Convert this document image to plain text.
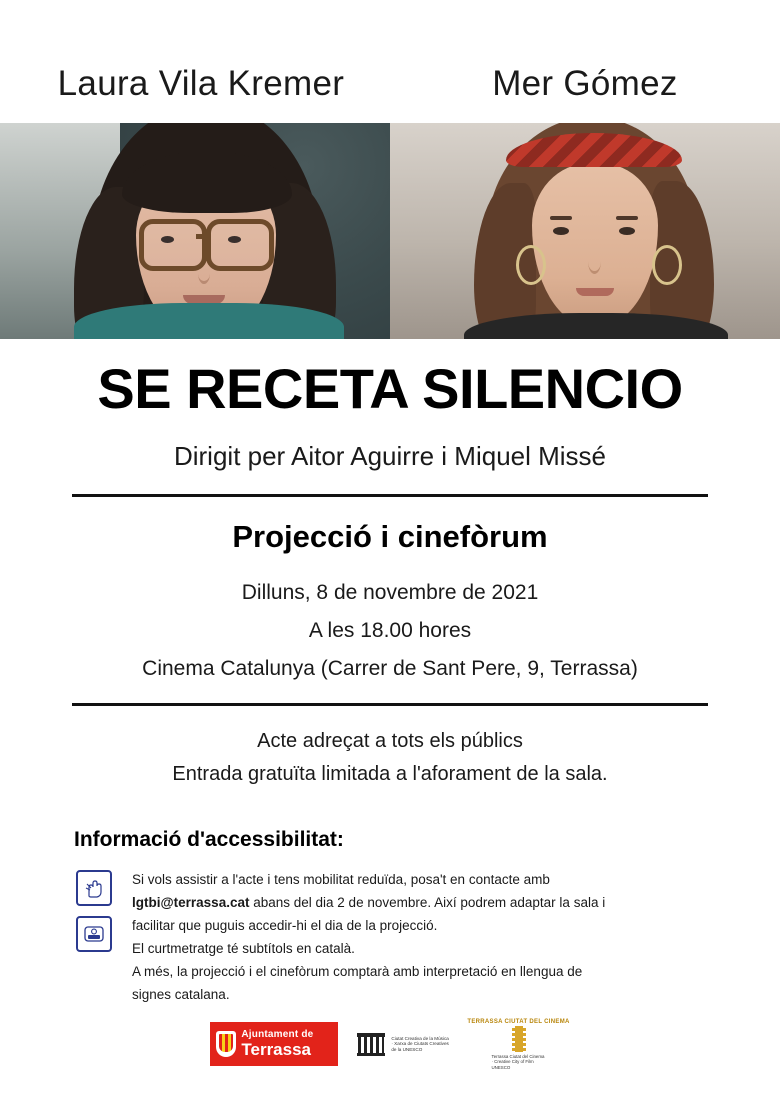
Laura Vila Kremer	Mer Gómez
SE RECETA SILENCIO
Dirigit per Aitor Aguirre i Miquel Missé
Projecció i cinefòrum
Dilluns, 8 de novembre de 2021
A les 18.00 hores
Cinema Catalunya (Carrer de Sant Pere, 9, Terrassa)
Acte adreçat a tots els públics
Entrada gratuïta limitada a l'aforament de la sala.
Informació d'accessibilitat:

Si vols assistir a l'acte i tens mobilitat reduïda, posa't en contacte amb

lgtbi@terrassa.cat abans del dia 2 de novembre. Així podrem adaptar la sala i

facilitar que puguis accedir-hi el dia de la projecció.

El curtmetratge té subtítols en català.

A més, la projecció i el cinefòrum comptarà amb interpretació en llengua de

signes catalana.

Ajuntament de
Terrassa
Ciutat Creativa de la Música · Xarxa de Ciutats Creatives de la UNESCO
TERRASSA CIUTAT DEL CINEMA
Terrassa Ciutat del Cinema · Creative City of Film UNESCO
